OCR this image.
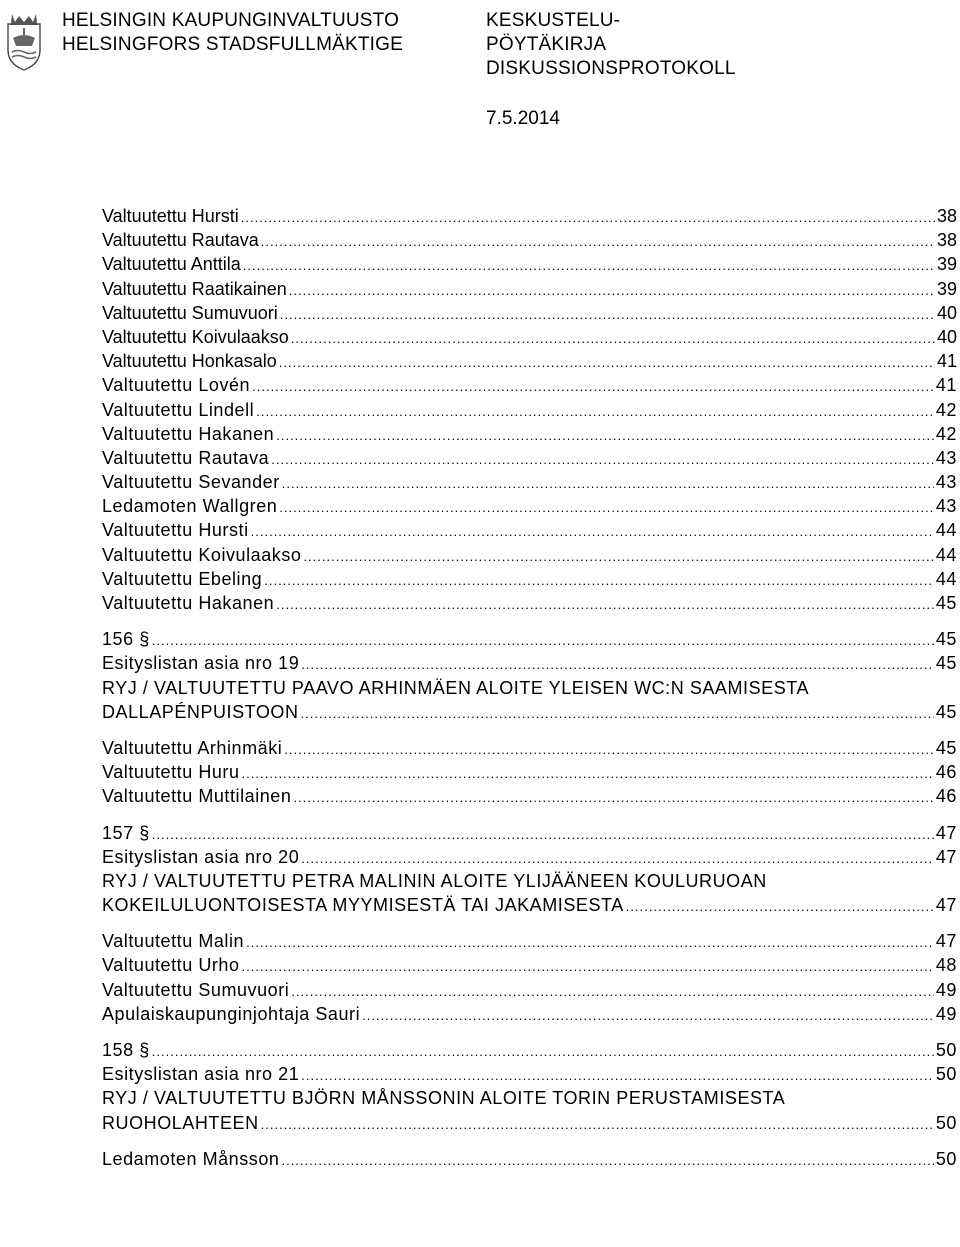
HELSINGIN KAUPUNGINVALTUUSTO
HELSINGFORS STADSFULLMÄKTIGE
KESKUSTELU-
PÖYTÄKIRJA
DISKUSSIONSPROTOKOLL
7.5.2014
Valtuutettu Hursti .....	38
Valtuutettu Rautava .....	38
Valtuutettu Anttila .....	39
Valtuutettu Raatikainen .....	39
Valtuutettu Sumuvuori .....	40
Valtuutettu Koivulaakso .....	40
Valtuutettu Honkasalo .....	41
Valtuutettu Lovén .....	41
Valtuutettu Lindell .....	42
Valtuutettu Hakanen .....	42
Valtuutettu Rautava .....	43
Valtuutettu Sevander .....	43
Ledamoten Wallgren .....	43
Valtuutettu Hursti .....	44
Valtuutettu Koivulaakso .....	44
Valtuutettu Ebeling .....	44
Valtuutettu Hakanen .....	45
156 § .....	45
Esityslistan asia nro 19 .....	45
RYJ / VALTUUTETTU PAAVO ARHINMÄEN ALOITE YLEISEN WC:N SAAMISESTA
DALLAPÉNPUISTOON .....	45
Valtuutettu Arhinmäki .....	45
Valtuutettu Huru .....	46
Valtuutettu Muttilainen .....	46
157 § .....	47
Esityslistan asia nro 20 .....	47
RYJ / VALTUUTETTU PETRA MALININ ALOITE YLIJÄÄNEEN KOULURUOAN
KOKEILULUONTOISESTA MYYMISESTÄ TAI JAKAMISESTA .....	47
Valtuutettu Malin .....	47
Valtuutettu Urho .....	48
Valtuutettu Sumuvuori .....	49
Apulaiskaupunginjohtaja Sauri .....	49
158 § .....	50
Esityslistan asia nro 21 .....	50
RYJ / VALTUUTETTU BJÖRN MÅNSSONIN ALOITE TORIN PERUSTAMISESTA
RUOHOLAHTEEN .....	50
Ledamoten Månsson .....	50
